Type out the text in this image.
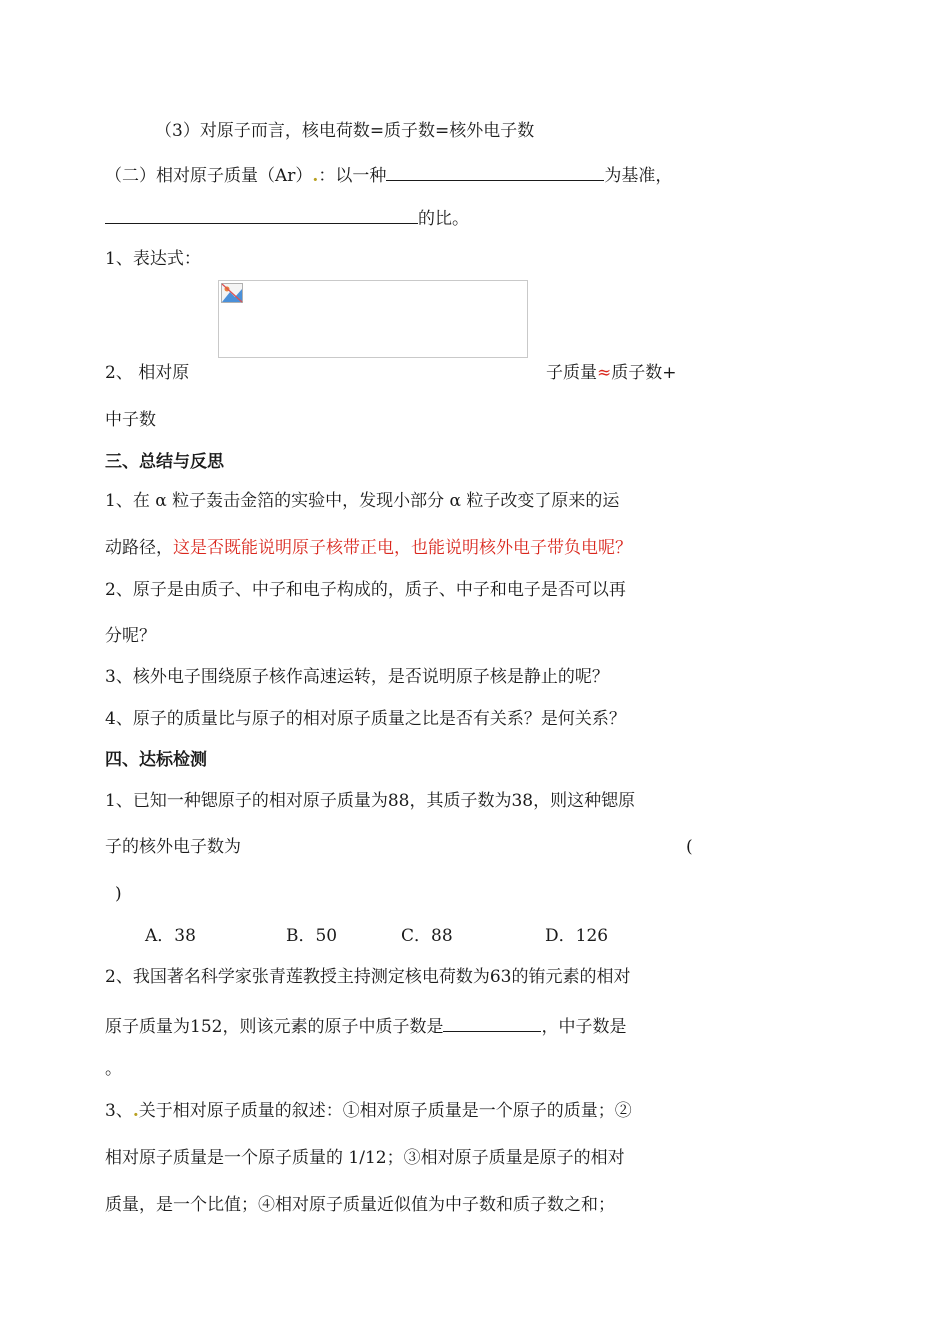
（3）对原子而言，核电荷数=质子数=核外电子数
（二）相对原子质量（Ar）.：以一种	为基准，
的比。
1、表达式：
2、 相对原	子质量≈质子数+
中子数
三、总结与反思
1、在 α 粒子轰击金箔的实验中，发现小部分 α 粒子改变了原来的运
动路径，这是否既能说明原子核带正电，也能说明核外电子带负电呢？
2、原子是由质子、中子和电子构成的，质子、中子和电子是否可以再
分呢？
3、核外电子围绕原子核作高速运转，是否说明原子核是静止的呢？
4、原子的质量比与原子的相对原子质量之比是否有关系？是何关系？
四、达标检测
1、已知一种锶原子的相对原子质量为88，其质子数为38，则这种锶原
子的核外电子数为	(
)
A．38	B．50	C．88	D．126
2、我国著名科学家张青莲教授主持测定核电荷数为63的铕元素的相对
原子质量为152，则该元素的原子中质子数是	，中子数是
。
3、.关于相对原子质量的叙述：①相对原子质量是一个原子的质量；②
相对原子质量是一个原子质量的 1/12；③相对原子质量是原子的相对
质量，是一个比值；④相对原子质量近似值为中子数和质子数之和；
